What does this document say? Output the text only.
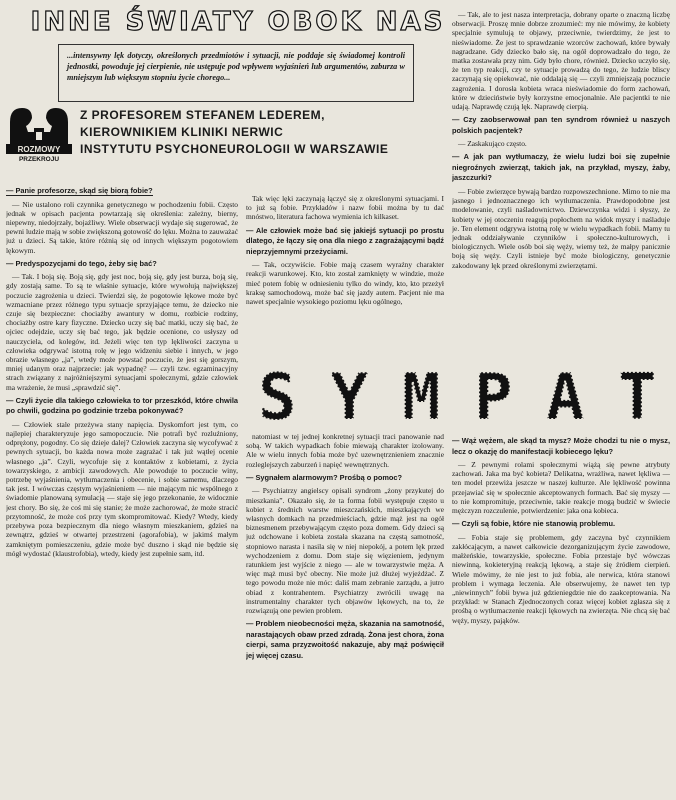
INNE ŚWIATY OBOK NAS
...intensywny lęk dotyczy, określonych przedmiotów i sytuacji, nie poddaje się świadomej kontroli jednostki, powoduje jej cierpienie, nie ustępuje pod wpływem wyjaśnień lub argumentów, zaburza w mniejszym lub większym stopniu życie chorego...
ROZMOWY
PRZEKROJU
Z PROFESOREM STEFANEM LEDEREM,
KIEROWNIKIEM KLINIKI NERWIC
INSTYTUTU PSYCHONEUROLOGII W WARSZAWIE
— Panie profesorze, skąd się biorą fobie?

— Nie ustalono roli czynnika genetycznego w pochodzeniu fobii. Często jednak w opisach pacjenta powtarzają się określenia: zależny, bierny, niepewny, niedojrzały, bojaźliwy. Wiele obserwacji wydaje się sugerować, że pewni ludzie mają w sobie zwiększoną gotowość do lęku. Można to zauważać już u dzieci. Są takie, które różnią się od innych większym pogotowiem lękowym.

— Predyspozycjami do tego, żeby się bać?

— Tak. I boją się. Boją się, gdy jest noc, boją się, gdy jest burza, boją się, gdy zostają same. To są te właśnie sytuacje, które wywołują największej poczucie zagrożenia u dzieci. Twierdzi się, że pogotowie lękowe może być wzmacniane przez różnego typu sytuacje sprzyjające temu, że dziecko nie czuje się bezpieczne: chociażby awantury w domu, rozbicie rodziny, chociażby ostre kary fizyczne. Dziecko uczy się bać matki, uczy się bać, że ojciec odejdzie, uczy się bać tego, jak będzie ocenione, co usłyszy od nauczyciela, od kolegów, itd. Jeżeli więc ten typ lękliwości zaczyna u człowieka odgrywać istotną rolę w jego widzeniu siebie i innych, w jego obrazie własnego „ja”, wtedy może powstać poczucie, że jest się gorszym, mniej udanym oraz najprzecie: jak wypadnę? — czyli tzw. egzaminacyjny strach związany z najróżniejszymi sytuacjami społecznymi, gdzie człowiek ma wrażenie, że musi „sprawdzić się”.

— Czyli życie dla takiego człowieka to tor przeszkód, które chwila po chwili, godzina po godzinie trzeba pokonywać?

— Człowiek stale przeżywa stany napięcia. Dyskomfort jest tym, co najlepiej charakteryzuje jego samopoczucie. Nie potrafi być rozluźniony, odprężony, pogodny. Co się dzieje dalej? Człowiek zaczyna się wycofywać z pewnych sytuacji, bo każda nowa może zagrażać i tak już wątłej ocenie własnego „ja”. Czyli, wycofuje się z kontaktów z kobietami, z życia towarzyskiego, z ambicji zawodowych. Ale powoduje to poczucie winy, potrzebę wyjaśnienia, wytłumaczenia i obecenie, i sobie samemu, dlaczego tak jest. I wówczas częstym wyjaśnieniem — nie mającym nic wspólnego z świadomie planowaną symulacją — staje się jego przekonanie, że widocznie jest chory. Bo się, że coś mi się stanie; że może zachorować, że może stracić przytomność, że może coś przy tym skompromitować. Kiedy? Wtedy, kiedy przebywa poza bezpiecznym dla niego własnym mieszkaniem, gdzieś na zewnątrz, gdzieś w otwartej przestrzeni (agorafobia), w jakimś małym zamkniętym pomieszczeniu, gdzie może być duszno i skąd nie będzie się mógł wydostać (klaustrofobia), wtedy, kiedy jest zupełnie sam, itd.

Tak więc lęki zaczynają łączyć się z określonymi sytuacjami. I to już są fobie. Przykładów i nazw fobii można by tu dać mnóstwo, literatura fachowa wymienia ich kilkaset.

— Ale człowiek może bać się jakiejś sytuacji po prostu dlatego, że łączy się ona dla niego z zagrażającymi bądź nieprzyjemnymi przeżyciami.

— Tak, oczywiście. Fobie mają czasem wyraźny charakter reakcji warunkowej. Kto, kto został zamknięty w windzie, może mieć potem fobię w odniesieniu tylko do windy, kto, kto przeżył kraksę samochodową, może bać się jazdy autem. Pacjent nie ma nawet specjalnie wysokiego poziomu lęku ogólnego,

S Y M P A T

natomiast w tej jednej konkretnej sytuacji traci panowanie nad sobą. W takich wypadkach fobie miewają charakter izolowany. Ale w wielu innych fobia może być uzewnętrznieniem znacznie rozleglejszych zaburzeń i napięć wewnętrznych.

— Sygnałem alarmowym? Prośbą o pomoc?

— Psychiatrzy angielscy opisali syndrom „żony przykutej do mieszkania”. Okazało się, że ta forma fobii występuje często u kobiet z średnich warstw mieszczańskich, mieszkających we własnych domkach na przedmieściach, gdzie mąż jest na ogół biznesmenem przebywającym często poza domem. Gdy dzieci są już odchowane i kobieta została skazana na częstą samotność, stopniowo narasta i nasila się w niej niepokój, a potem lęk przed wychodzeniem z domu. Dom staje się więzieniem, jedynym ratunkiem jest wyjście z niego — ale w towarzystwie męża. A więc mąż musi być obecny. Nie może już dłużej wyjeżdżać. Z tego powodu może nie móc: daliś mam zebranie zarządu, a jutro obiad z kontrahentem. Psychiatrzy zwrócili uwagę na instrumentalny charakter tych objawów lękowych, na to, że rozwiązują one pewien problem.

— Problem nieobecności męża, skazania na samotność, narastających obaw przed zdradą. Żona jest chora, żona cierpi, sama przyzwoitość nakazuje, aby mąż poświęcił jej więcej czasu.

— Tak, ale to jest nasza interpretacja, dobrany oparte o znaczną liczbę obserwacji. Proszę mnie dobrze zrozumieć: my nie mówimy, że kobiety specjalnie symulują te objawy, przeciwnie, twierdzimy, że jest to nieświadome. Że jest to sprawdzanie wzorców zachowań, które bywały nagradzane. Gdy dziecko bało się, na ogół doprowadzało do tego, że matka zostawała przy nim. Gdy było chore, również. Dziecko uczyło się, że ten typ reakcji, czy te sytuacje prowadzą do tego, że ludzie bliscy zaczynają się opiekować, nie oddalają się — czyli zmniejszają poczucie zagrożenia. I dorosła kobieta wraca nieświadomie do form zachowań, które w dzieciństwie były korzystne emocjonalnie. Ale pacjentki te nie udają. Naprawdę czują lęk. Naprawdę cierpią.

— Czy zaobserwował pan ten syndrom również u naszych polskich pacjentek?

— Zaskakująco często.

— A jak pan wytłumaczy, że wielu ludzi boi się zupełnie niegroźnych zwierząt, takich jak, na przykład, myszy, żaby, jaszczurki?

— Fobie zwierzęce bywają bardzo rozpowszechnione. Mimo to nie ma jasnego i jednoznacznego ich wytłumaczenia. Prawdopodobne jest modelowanie, czyli naśladownictwo. Dziewczynka widzi i słyszy, że kobiety w jej otoczeniu reagują popłochem na widok myszy i naśladuje je. Ten element odgrywa istotną rolę w wielu wypadkach fobii. Mamy tu jednak oddziaływanie czynników i społeczno-kulturowych, i biologicznych. Wiele osób boi się węży, wiemy też, że małpy panicznie boją się węży. Czyli istnieje być może biologiczny, genetycznie zakodowany lęk przed określonymi zwierzętami.

— Wąż wężem, ale skąd ta mysz? Może chodzi tu nie o mysz, lecz o okazję do manifestacji kobiecego lęku?

— Z pewnymi rolami społecznymi wiążą się pewne atrybuty zachowań. Jaka ma być kobieta? Delikatna, wrażliwa, nawet lękliwa — ten model przewiża jeszcze w naszej kulturze. Ale lękliwość powinna przejawiać się w społecznie akceptowanych formach. Bać się myszy — to nie kompromituje, przeciwnie, takie reakcje mogą budzić w świecie mężczyzn rozczulenie, potwierdzenie: jaka ona kobieca.

— Czyli są fobie, które nie stanowią problemu.

— Fobia staje się problemem, gdy zaczyna być czynnikiem zakłócającym, a nawet całkowicie dezorganizującym życie zawodowe, małżeńskie, towarzyskie, społeczne. Fobia przestaje być wówczas niewinną, kokieteryjną reakcją lękową, a staje się źródłem cierpień. Wiele mówimy, że nie jest to już fobia, ale nerwica, która stanowi problem i wymaga leczenia. Ale obserwujemy, że nawet ten typ „niewinnych” fobii bywa już gdzieniegdzie nie do zaakceptowania. Na przykład: w Stanach Zjednoczonych coraz więcej kobiet zgłasza się z prośbą o wytłumaczenie reakcji lękowych na zwierzęta. Nie chcą się bać węży, myszy, pająków.
